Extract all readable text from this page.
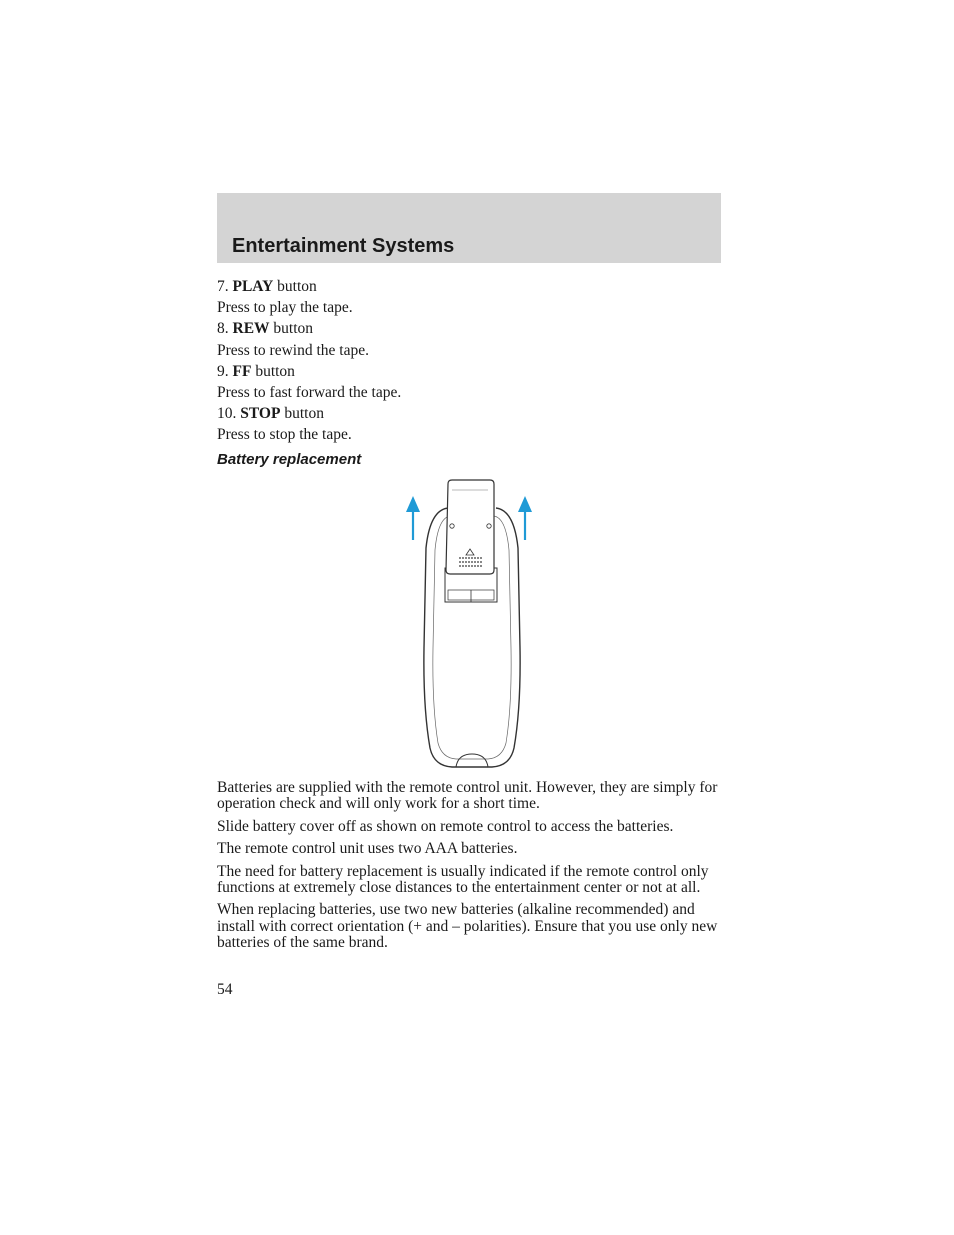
Entertainment Systems

7. PLAY button

Press to play the tape.

8. REW button

Press to rewind the tape.

9. FF button

Press to fast forward the tape.

10. STOP button

Press to stop the tape.

Battery replacement

Batteries are supplied with the remote control unit. However, they are simply for operation check and will only work for a short time.

Slide battery cover off as shown on remote control to access the batteries.

The remote control unit uses two AAA batteries.

The need for battery replacement is usually indicated if the remote control only functions at extremely close distances to the entertainment center or not at all.

When replacing batteries, use two new batteries (alkaline recommended) and install with correct orientation (+ and – polarities). Ensure that you use only new batteries of the same brand.

54
